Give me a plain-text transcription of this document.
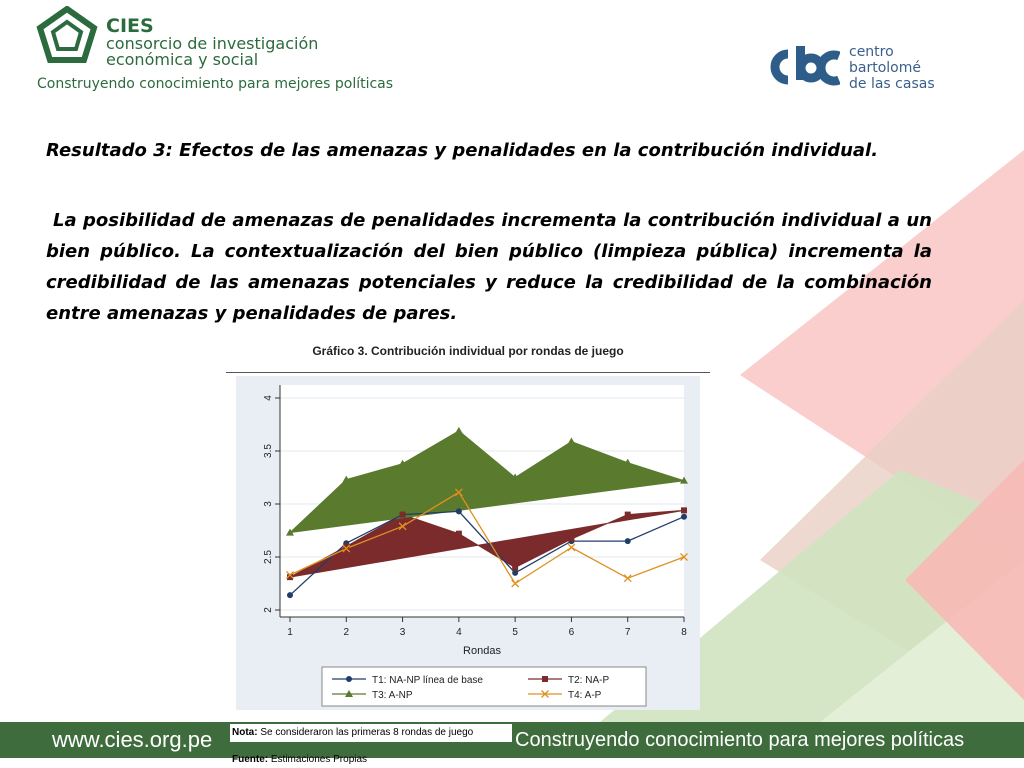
CIES
consorcio de investigación
económica y social
Construyendo conocimiento para mejores políticas
centro
bartolomé
de las casas
Resultado 3: Efectos de las amenazas y penalidades en la contribución individual.
La posibilidad de amenazas de penalidades incrementa la contribución individual a un bien público. La contextualización del bien público (limpieza pública) incrementa la credibilidad de las amenazas potenciales y reduce la credibilidad de la combinación entre amenazas y penalidades de pares.
Gráfico 3. Contribución individual por rondas de juego
2
2.5
3
3.5
4
1	2	3	4	5	6	7	8
Rondas
T1: NA-NP línea de base	T2: NA-P
T3: A-NP	T4: A-P
www.cies.org.pe	Construyendo conocimiento para mejores políticas
Nota: Se consideraron las primeras 8 rondas de juego
Fuente: Estimaciones Propias
